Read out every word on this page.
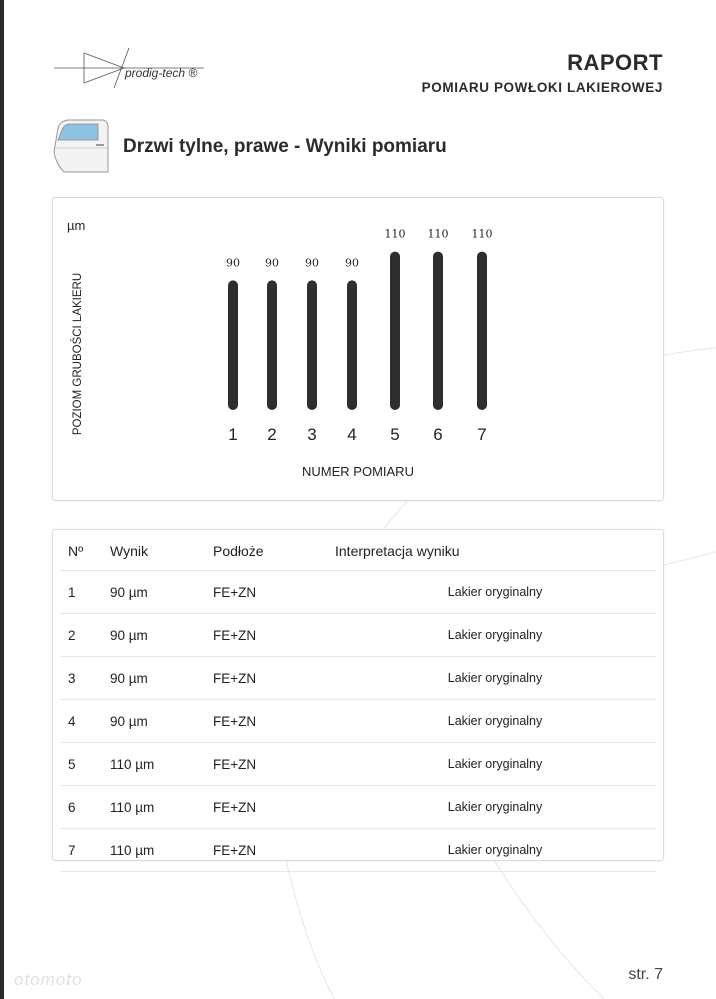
prodig-tech ®	RAPORT
POMIARU POWŁOKI LAKIEROWEJ
Drzwi tylne, prawe - Wyniki pomiaru
µm
POZIOM GRUBOŚCI LAKIERU
90
1
90
2
90
3
90
4
110
5
110
6
110
7
NUMER POMIARU
Nº	Wynik	Podłoże	Interpretacja wyniku
1	90 µm	FE+ZN	Lakier oryginalny
2	90 µm	FE+ZN	Lakier oryginalny
3	90 µm	FE+ZN	Lakier oryginalny
4	90 µm	FE+ZN	Lakier oryginalny
5	110 µm	FE+ZN	Lakier oryginalny
6	110 µm	FE+ZN	Lakier oryginalny
7	110 µm	FE+ZN	Lakier oryginalny
str. 7
otomoto
